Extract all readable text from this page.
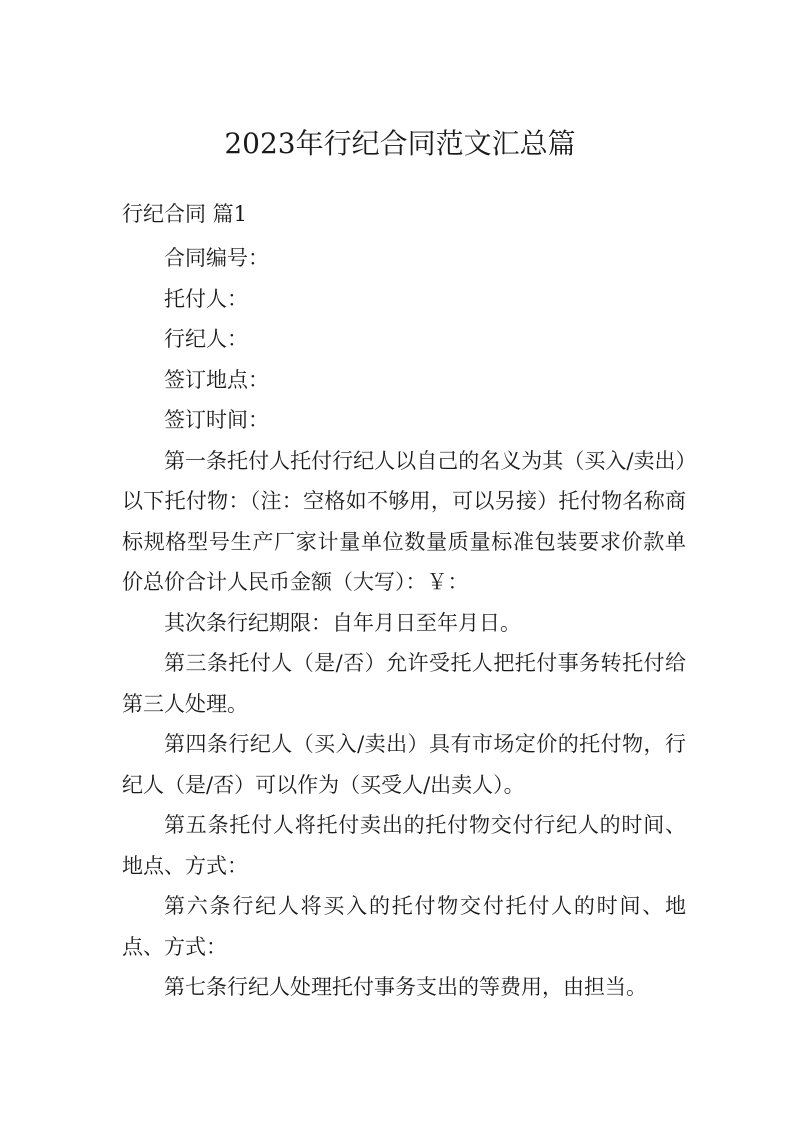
2023年行纪合同范文汇总篇
行纪合同 篇1

合同编号：

托付人：

行纪人：

签订地点：

签订时间：

第一条托付人托付行纪人以自己的名义为其（买入/卖出）以下托付物：（注：空格如不够用，可以另接）托付物名称商标规格型号生产厂家计量单位数量质量标准包装要求价款单价总价合计人民币金额（大写）：￥：

其次条行纪期限：自年月日至年月日。

第三条托付人（是/否）允许受托人把托付事务转托付给第三人处理。

第四条行纪人（买入/卖出）具有市场定价的托付物，行纪人（是/否）可以作为（买受人/出卖人）。

第五条托付人将托付卖出的托付物交付行纪人的时间、地点、方式：

第六条行纪人将买入的托付物交付托付人的时间、地点、方式：

第七条行纪人处理托付事务支出的等费用，由担当。
